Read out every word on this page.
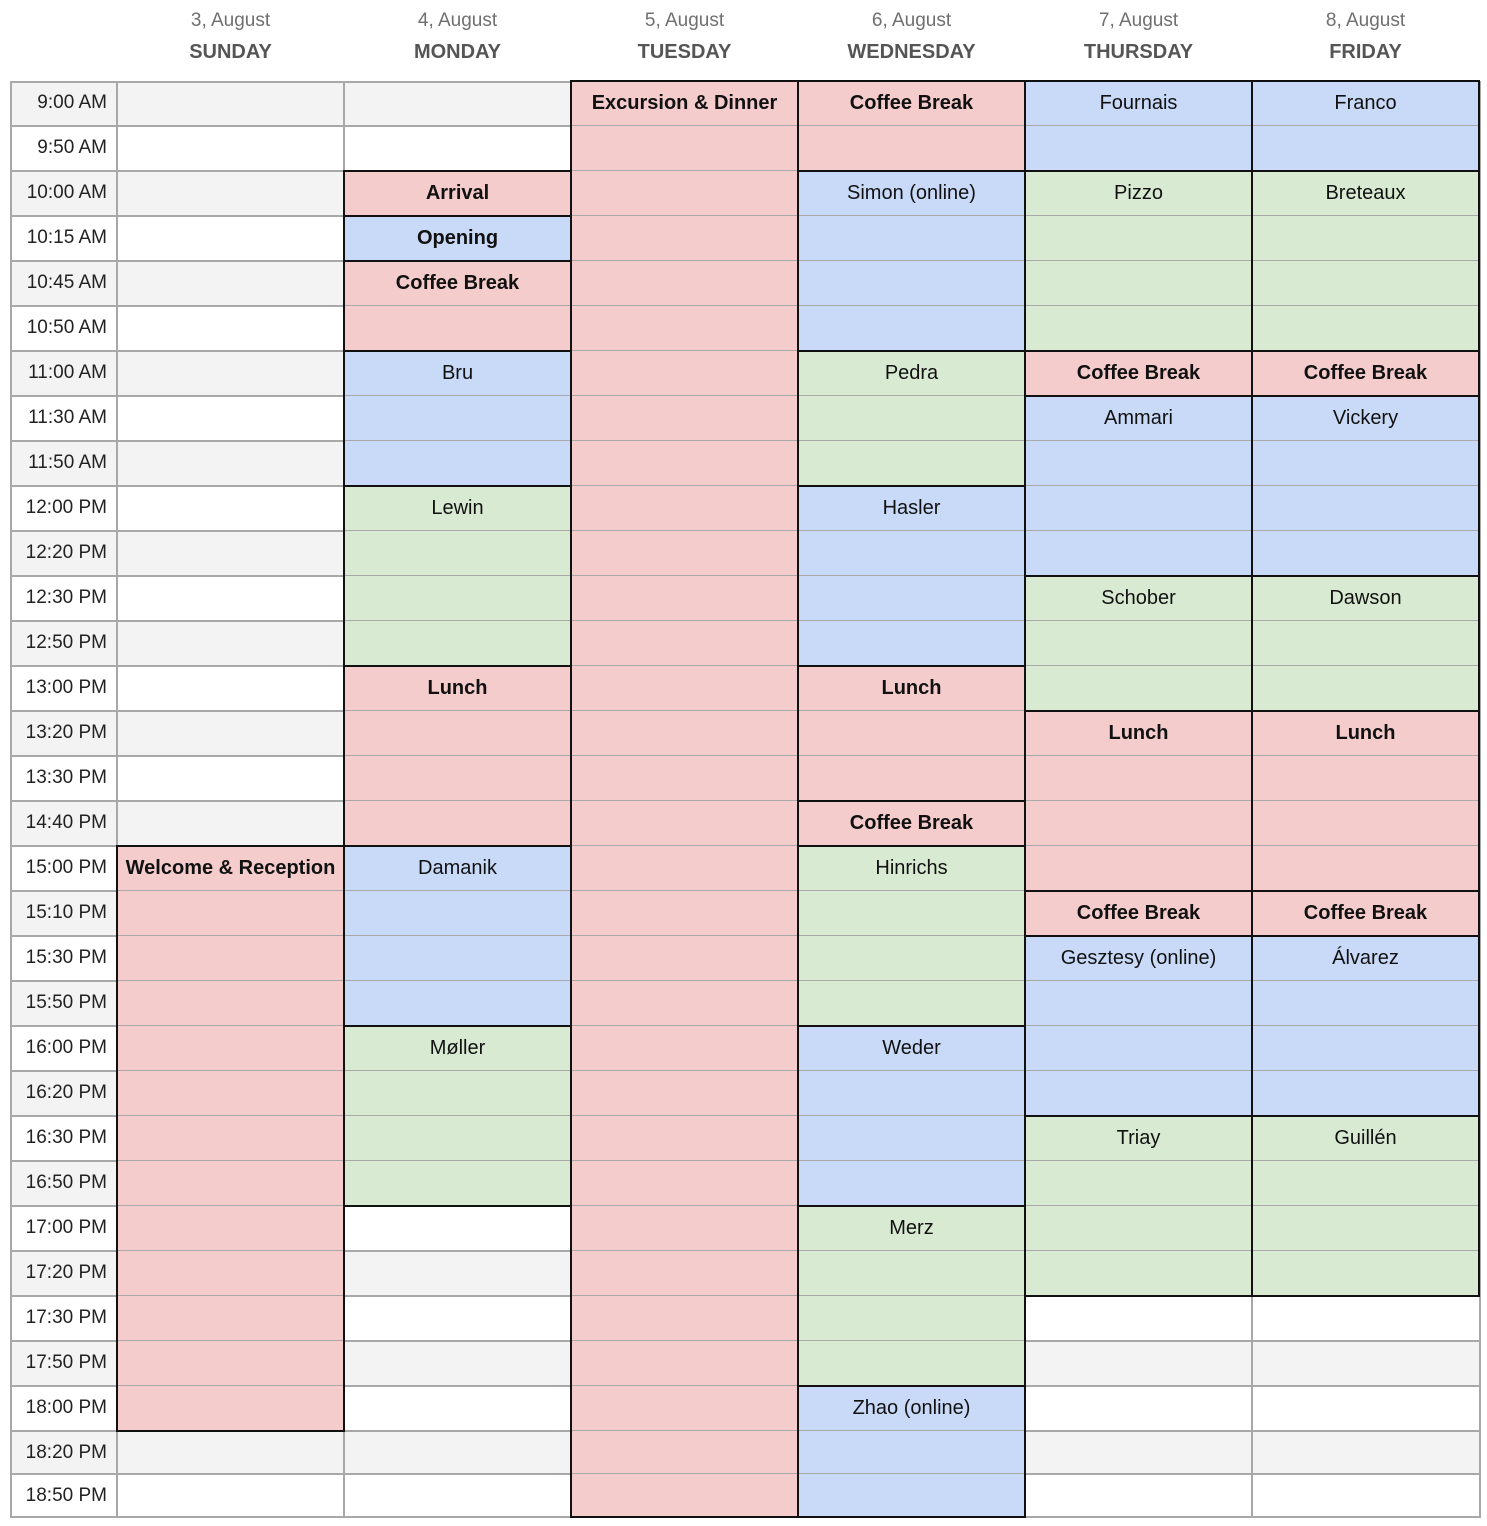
3, August
SUNDAY
4, August
MONDAY
5, August
TUESDAY
6, August
WEDNESDAY
7, August
THURSDAY
8, August
FRIDAY
9:00 AM
9:50 AM
10:00 AM
10:15 AM
10:45 AM
10:50 AM
11:00 AM
11:30 AM
11:50 AM
12:00 PM
12:20 PM
12:30 PM
12:50 PM
13:00 PM
13:20 PM
13:30 PM
14:40 PM
15:00 PM
15:10 PM
15:30 PM
15:50 PM
16:00 PM
16:20 PM
16:30 PM
16:50 PM
17:00 PM
17:20 PM
17:30 PM
17:50 PM
18:00 PM
18:20 PM
18:50 PM
Welcome & Reception
Arrival
Opening
Coffee Break
Bru
Lewin
Lunch
Damanik
Møller
Excursion & Dinner	Coffee Break
Simon (online)
Pedra
Hasler
Lunch
Coffee Break
Hinrichs
Weder
Merz
Zhao (online)
Fournais
Pizzo
Coffee Break
Ammari
Schober
Lunch
Coffee Break
Gesztesy (online)
Triay
Franco
Breteaux
Coffee Break
Vickery
Dawson
Lunch
Coffee Break
Álvarez
Guillén
